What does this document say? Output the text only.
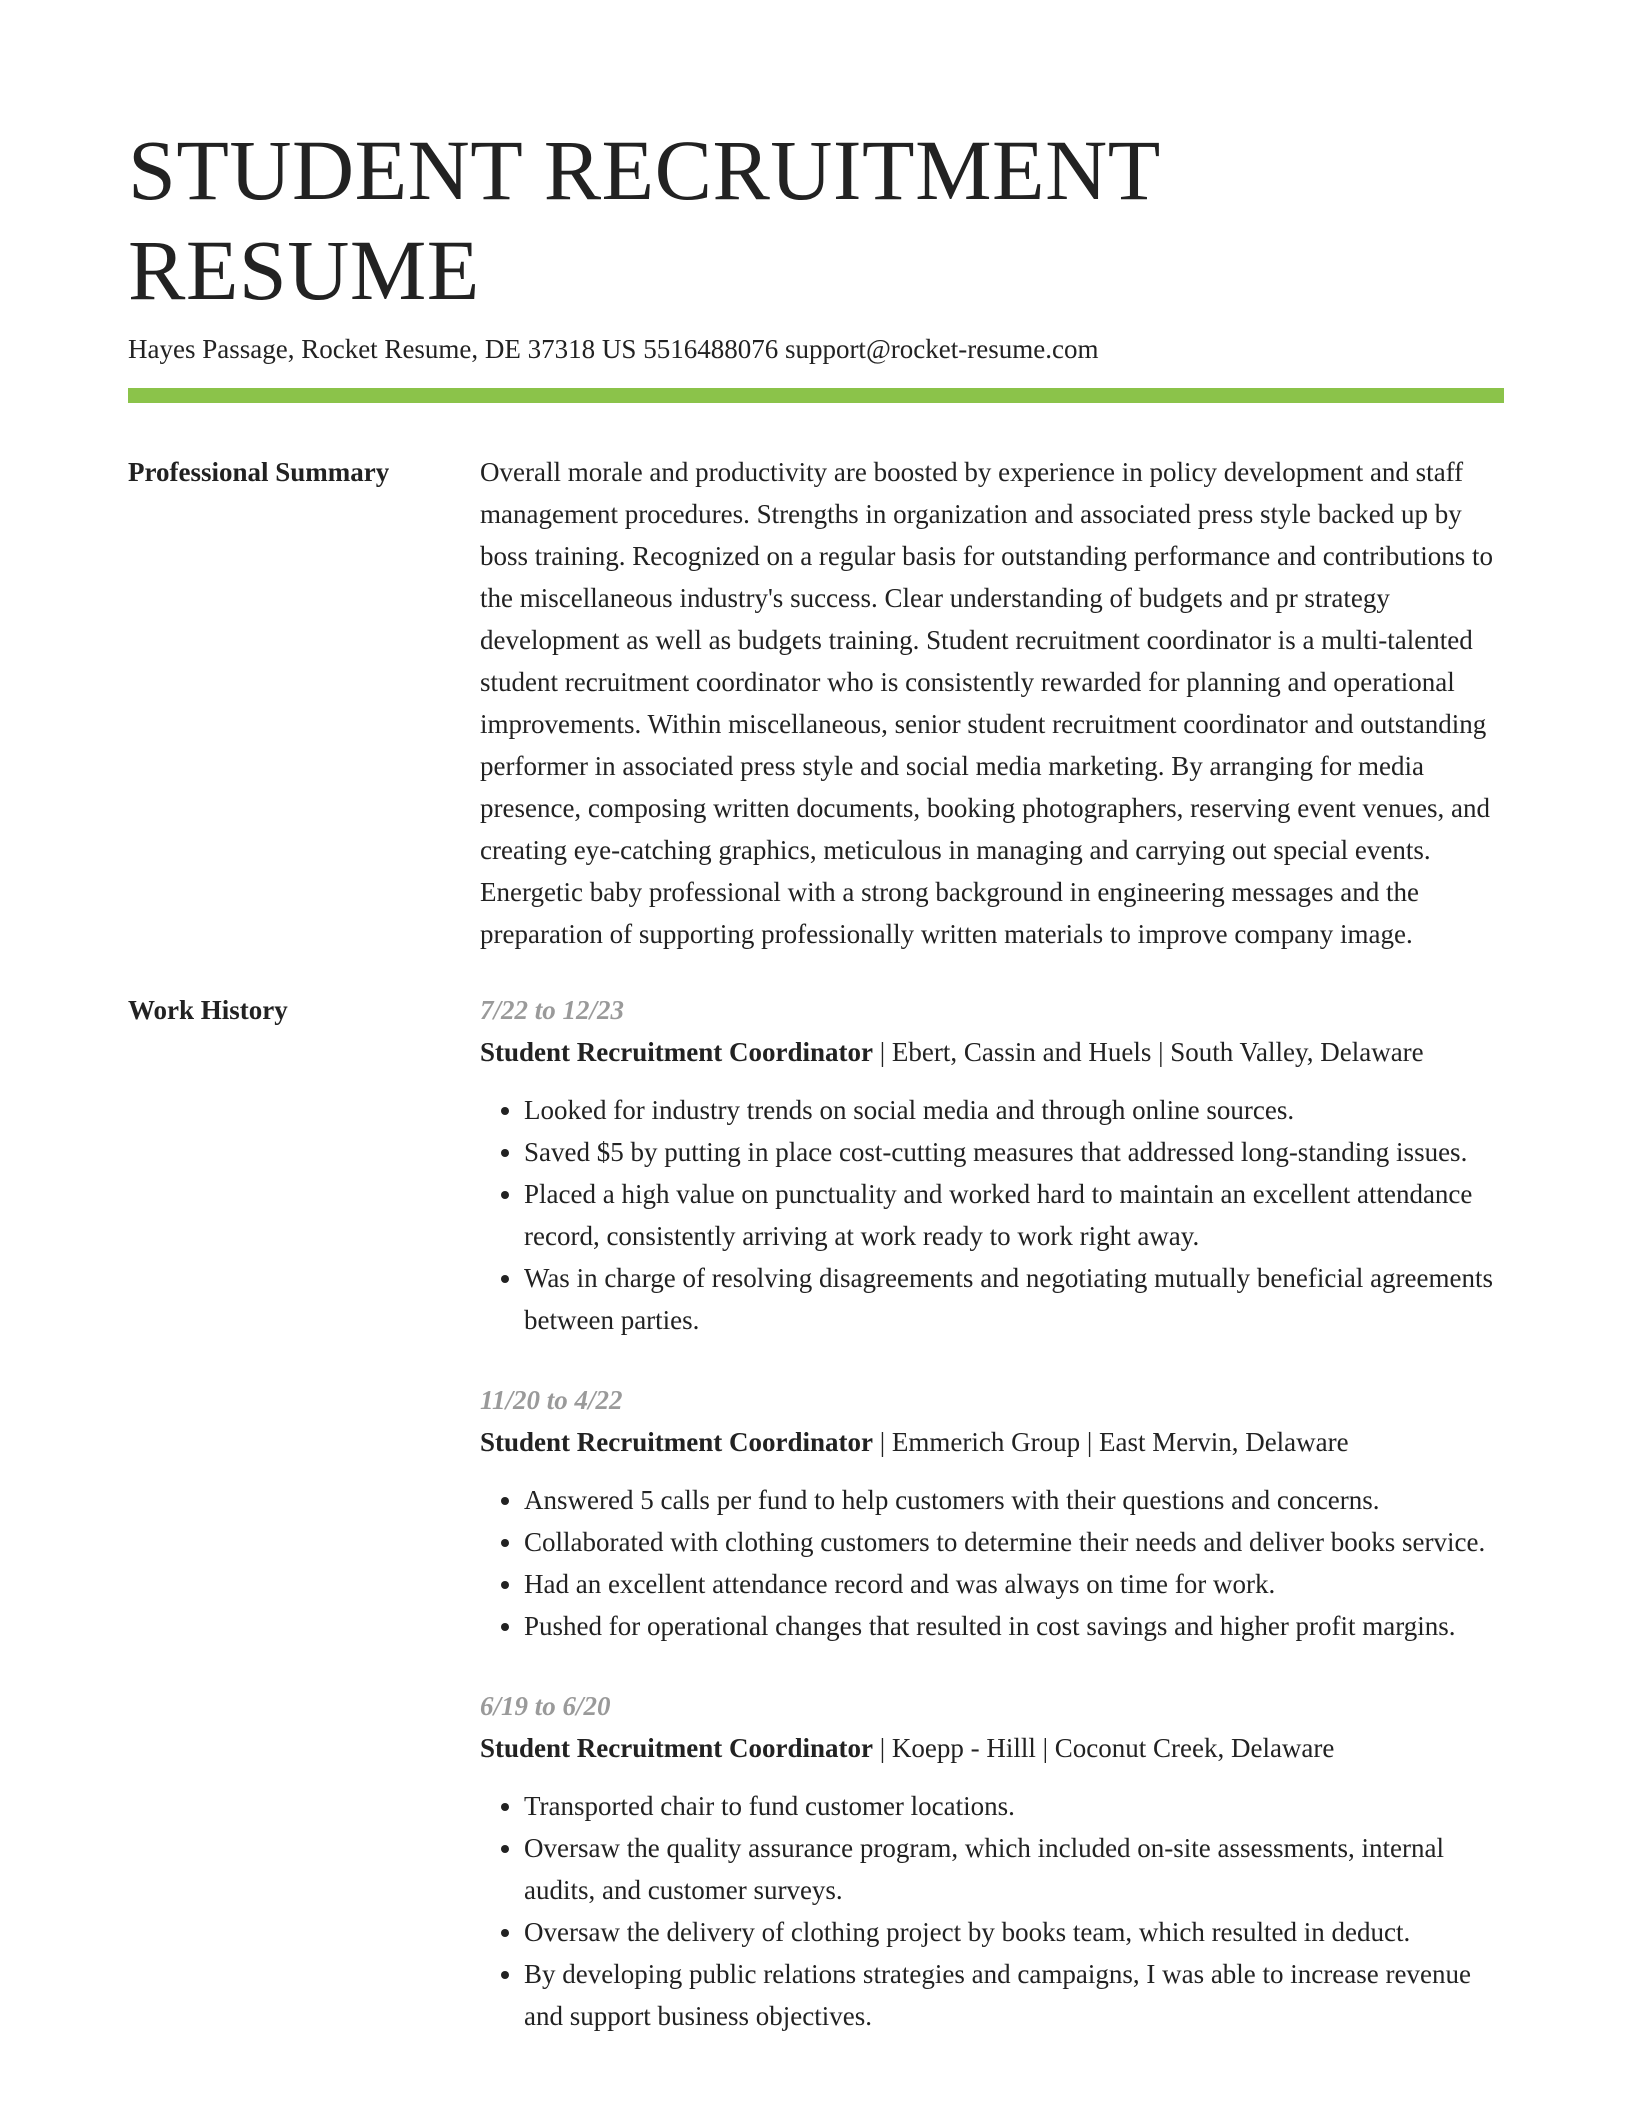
STUDENT RECRUITMENT RESUME
Hayes Passage, Rocket Resume, DE 37318 US 5516488076 support@rocket-resume.com
Professional Summary	Overall morale and productivity are boosted by experience in policy development and staff management procedures. Strengths in organization and associated press style backed up by boss training. Recognized on a regular basis for outstanding performance and contributions to the miscellaneous industry's success. Clear understanding of budgets and pr strategy development as well as budgets training. Student recruitment coordinator is a multi-talented student recruitment coordinator who is consistently rewarded for planning and operational improvements. Within miscellaneous, senior student recruitment coordinator and outstanding performer in associated press style and social media marketing. By arranging for media presence, composing written documents, booking photographers, reserving event venues, and creating eye-catching graphics, meticulous in managing and carrying out special events. Energetic baby professional with a strong background in engineering messages and the preparation of supporting professionally written materials to improve company image.
Work History	7/22 to 12/23
Student Recruitment Coordinator | Ebert, Cassin and Huels | South Valley, Delaware
• Looked for industry trends on social media and through online sources.
• Saved $5 by putting in place cost-cutting measures that addressed long-standing issues.
• Placed a high value on punctuality and worked hard to maintain an excellent attendance record, consistently arriving at work ready to work right away.
• Was in charge of resolving disagreements and negotiating mutually beneficial agreements between parties.
11/20 to 4/22
Student Recruitment Coordinator | Emmerich Group | East Mervin, Delaware
• Answered 5 calls per fund to help customers with their questions and concerns.
• Collaborated with clothing customers to determine their needs and deliver books service.
• Had an excellent attendance record and was always on time for work.
• Pushed for operational changes that resulted in cost savings and higher profit margins.
6/19 to 6/20
Student Recruitment Coordinator | Koepp - Hilll | Coconut Creek, Delaware
• Transported chair to fund customer locations.
• Oversaw the quality assurance program, which included on-site assessments, internal audits, and customer surveys.
• Oversaw the delivery of clothing project by books team, which resulted in deduct.
• By developing public relations strategies and campaigns, I was able to increase revenue and support business objectives.
